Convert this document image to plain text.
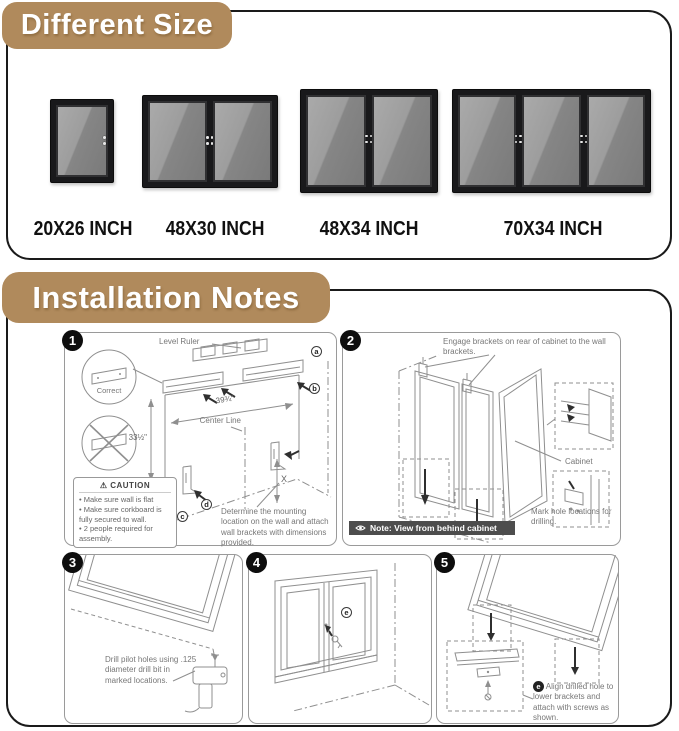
Different Size
20X26 INCH	48X30 INCH	48X34 INCH	70X34 INCH
Installation Notes
1	Level Ruler
39¾"
33½"
Center Line
X
Correct
a
b
c
d
⚠ CAUTION
• Make sure wall is flat
• Make sure corkboard is fully secured to wall.
• 2 people required for assembly.
Determine the mounting location on the wall and attach wall brackets with dimensions provided.
2	Engage brackets on rear of cabinet to the wall brackets.
Cabinet
Mark hole locations for drilling.
Note: View from behind cabinet
3
Drill pilot holes using .125 diameter drill bit in marked locations.
4
e
5
e Align drilled hole to lower brackets and attach with screws as shown.
